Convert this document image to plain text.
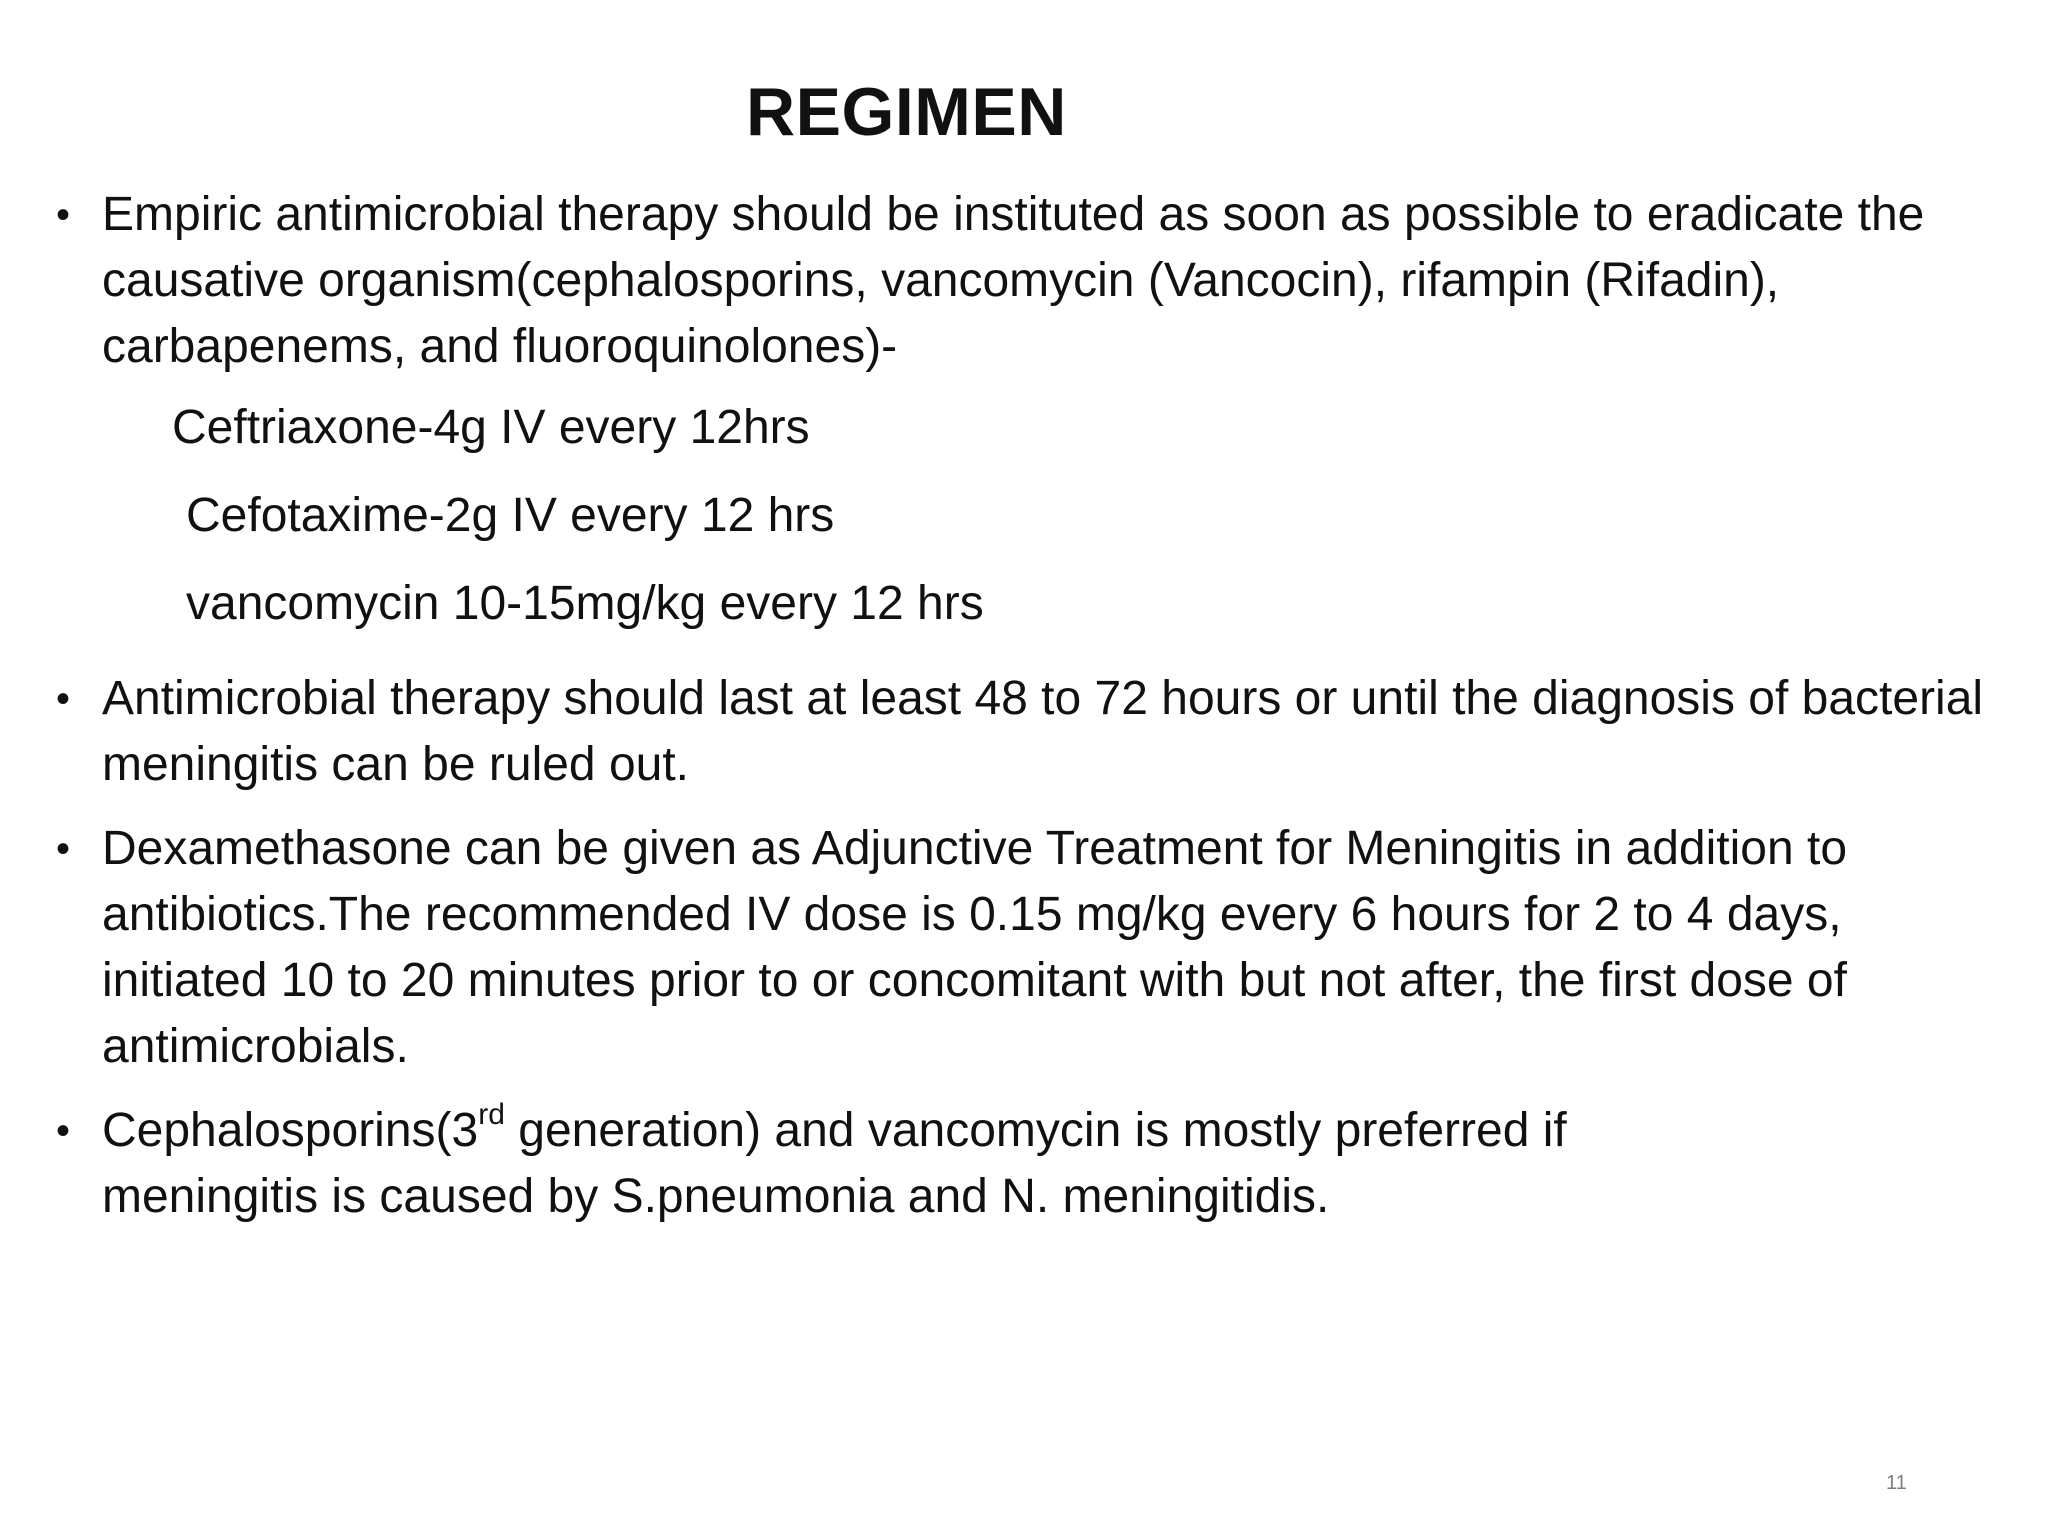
REGIMEN

• Empiric antimicrobial therapy should be instituted as soon as possible to eradicate the causative organism(cephalosporins, vancomycin (Vancocin), rifampin (Rifadin), carbapenems, and fluoroquinolones)-

Ceftriaxone-4g IV every 12hrs

Cefotaxime-2g IV every 12 hrs

vancomycin 10-15mg/kg every 12 hrs

• Antimicrobial therapy should last at least 48 to 72 hours or until the diagnosis of bacterial meningitis can be ruled out.

• Dexamethasone can be given as Adjunctive Treatment for Meningitis in addition to antibiotics.The recommended IV dose is 0.15 mg/kg every 6 hours for 2 to 4 days, initiated 10 to 20 minutes prior to or concomitant with but not after, the first dose of antimicrobials.

• Cephalosporins(3rd generation) and vancomycin is mostly preferred if
meningitis is caused by S.pneumonia and N. meningitidis.

11
